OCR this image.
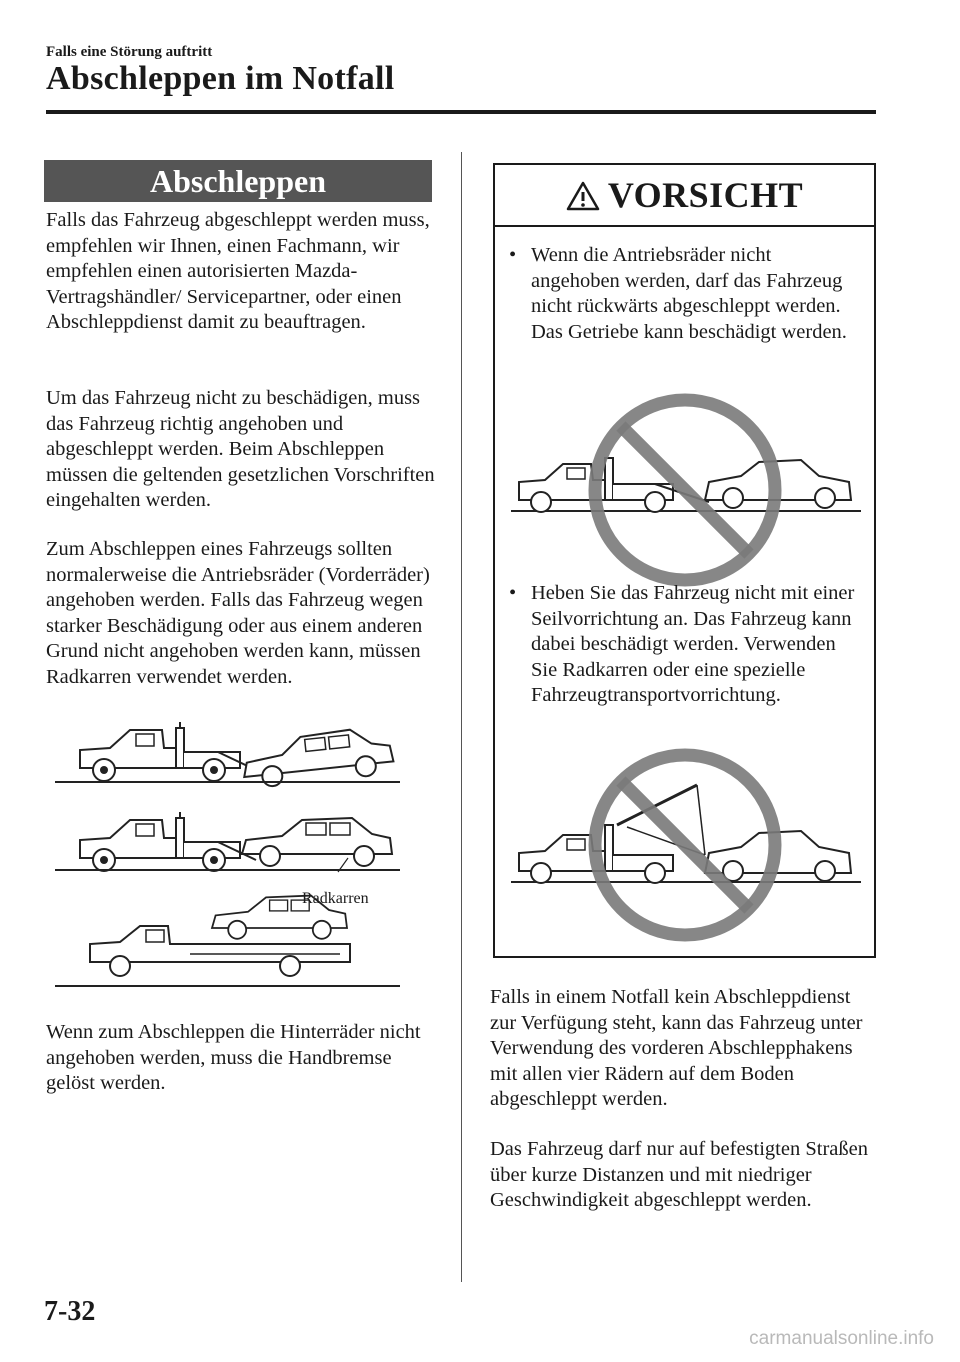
Falls eine Störung auftritt
Abschleppen im Notfall
Abschleppen

Falls das Fahrzeug abgeschleppt werden muss, empfehlen wir Ihnen, einen Fachmann, wir empfehlen einen autorisierten Mazda-Vertragshändler/ Servicepartner, oder einen Abschleppdienst damit zu beauftragen.

Um das Fahrzeug nicht zu beschädigen, muss das Fahrzeug richtig angehoben und abgeschleppt werden. Beim Abschleppen müssen die geltenden gesetzlichen Vorschriften eingehalten werden.

Zum Abschleppen eines Fahrzeugs sollten normalerweise die Antriebsräder (Vorderräder) angehoben werden. Falls das Fahrzeug wegen starker Beschädigung oder aus einem anderen Grund nicht angehoben werden kann, müssen Radkarren verwendet werden.

Radkarren

Wenn zum Abschleppen die Hinterräder nicht angehoben werden, muss die Handbremse gelöst werden.

VORSICHT
• Wenn die Antriebsräder nicht angehoben werden, darf das Fahrzeug nicht rückwärts abgeschleppt werden. Das Getriebe kann beschädigt werden.
• Heben Sie das Fahrzeug nicht mit einer Seilvorrichtung an. Das Fahrzeug kann dabei beschädigt werden. Verwenden Sie Radkarren oder eine spezielle Fahrzeugtransportvorrichtung.

Falls in einem Notfall kein Abschleppdienst zur Verfügung steht, kann das Fahrzeug unter Verwendung des vorderen Abschlepphakens mit allen vier Rädern auf dem Boden abgeschleppt werden.

Das Fahrzeug darf nur auf befestigten Straßen über kurze Distanzen und mit niedriger Geschwindigkeit abgeschleppt werden.

7-32
carmanualsonline.info
